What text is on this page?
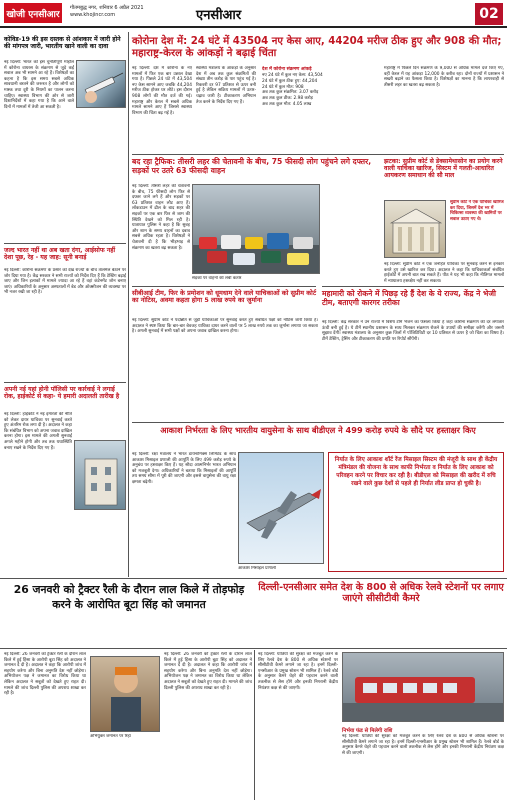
खोजी एनसीआर
गौतमबुद्ध नगर, शनिवार 6 अप्रैल 2021
www.khojincr.com	एनसीआर	02
कोविड-19 की इस दस्तक से आंशकार में जारी होने की मांगपत्र जारी, भारतीय खाने वाली का दावा
नई दिल्ली: भारत को इस चुनौतीपूर्ण माहौल में कोरोना वायरस के संक्रमण से जुड़े कई सवाल अब भी सामने आ रहे हैं। विशेषज्ञों का कहना है कि इस समय सबसे अधिक सावधानी बरतने की जरूरत है और लोगों को मास्क तथा दूरी के नियमों का पालन करना चाहिए। स्वास्थ्य विभाग की ओर से जारी दिशानिर्देशों में कहा गया है कि आने वाले दिनों में मामलों में तेजी आ सकती है।
जल्द भारत नहीं था अब खता दंगा, आईसोफ नहीं देशा पूछ, रेह - यह जाह: सूनी बनाई
नई दिल्ली: कोरोना संक्रमण के प्रसार को देख राज्यों के बीच तालमेल बैठाने पर जोर दिया गया है। केंद्र सरकार ने सभी राज्यों को निर्देश दिए हैं कि टेस्टिंग बढ़ाई जाए और जिन इलाकों में मामले ज्यादा आ रहे हैं वहां कंटेनमेंट जोन बनाए जाएं। अधिकारियों के अनुसार अस्पतालों में बेड और ऑक्सीजन की व्यवस्था पर भी नजर रखी जा रही है।
अपनी नई यहां होनी पॉलिसी पर कार्रवाई ने लगाई रोक, हाईकोर्ट से कहा- ये हमारी अदालती तारीख है
नई दिल्ली: हाईकोर्ट ने नई इमारतों की नीति को लेकर दायर याचिका पर सुनवाई करते हुए अंतरिम रोक लगा दी है। अदालत ने कहा कि संबंधित विभाग को अपना जवाब दाखिल करना होगा। इस मामले की अगली सुनवाई अगले महीने होगी और तब तक यथास्थिति बनाए रखने के निर्देश दिए गए हैं।
कोरोना देश में: 24 घंटे में 43504 नए केस आए, 44204 मरीज ठीक हुए और 908 की मौत; महाराष्ट्र-केरल के आंकड़ों ने बढ़ाई चिंता
नई दिल्ली: देश में कोरोना के नए मामलों में फिर एक बार उछाल देखा गया है। पिछले 24 घंटे में 43,504 नए केस सामने आए जबकि 44,204 मरीज ठीक होकर घर लौटे। इस दौरान 908 लोगों की मौत दर्ज की गई। महाराष्ट्र और केरल में सबसे अधिक मामले सामने आए हैं जिससे स्वास्थ्य विभाग की चिंता बढ़ गई है।
स्वास्थ्य मंत्रालय के आंकड़ों के अनुसार देश में अब तक कुल संक्रमितों की संख्या तीन करोड़ के पार पहुंच गई है। रिकवरी दर 97 प्रतिशत से ऊपर बनी हुई है लेकिन सक्रिय मामलों में उतार-चढ़ाव जारी है। टीकाकरण अभियान तेज करने के निर्देश दिए गए हैं।
देश में कोरोना संक्रमण आंकड़े
नए 24 घंटे में कुल नए केस: 43,504
24 घंटे में कुल ठीक हुए: 44,204
24 घंटे में कुल मौत: 908
अब तक कुल संक्रमित: 3.07 करोड़
अब तक कुल ठीक: 2.98 करोड़
अब तक कुल मौत: 4.05 लाख
महाराष्ट्र में पिछले दिन संक्रमण के 9,000 से अधिक मामले दर्ज किए गए, वहीं केरल में यह आंकड़ा 12,000 के करीब रहा। दोनों राज्यों में प्रशासन ने सख्ती बढ़ाने का फैसला किया है। विशेषज्ञों का मानना है कि लापरवाही से तीसरी लहर का खतरा बढ़ सकता है।
बद रहा ट्रैफिक: तीसरी लहर की चेतावनी के बीच, 75 फीसदी लोग पहुंचने लगे दफ्तर, सड़कों पर उतरे 63 फीसदी वाहन
नई दिल्ली: तीसरी लहर की चेतावनी के बीच, 75 फीसदी लोग फिर से दफ्तर जाने लगे हैं और सड़कों पर 63 प्रतिशत वाहन लौट आए हैं। लॉकडाउन में ढील के बाद शहर की सड़कों पर एक बार फिर से जाम की स्थिति देखने को मिल रही है। यातायात पुलिस ने कहा है कि सुबह और शाम के समय वाहनों का दबाव सबसे अधिक रहता है। विशेषज्ञों ने चेतावनी दी है कि भीड़भाड़ से संक्रमण का खतरा बढ़ सकता है।
सड़कों पर वाहनों की लंबी कतार
झटका: सुप्रीम कोर्ट से डेक्सामेथासोन का प्रयोग करने वाली याचिका खारिज, सिस्टम में गलती-आधारित आयकरण समाधान की सौ माल
सुप्रीम कोर्ट ने एक याचिका खारिज कर दिया, जिसमें देश भर में चिकित्सा व्यवस्था की खामियों पर सवाल उठाए गए थे।
नई दिल्ली: सुप्रीम कोर्ट ने एक जनहित याचिका पर सुनवाई करने से इनकार करते हुए उसे खारिज कर दिया। अदालत ने कहा कि याचिकाकर्ता संबंधित हाईकोर्ट में अपनी बात रख सकते हैं। पीठ ने यह भी कहा कि नीतिगत मामलों में न्यायालय हस्तक्षेप नहीं कर सकता।
सीबीआई टीम, फिर के प्रमोशन को धूमधाम देने वाले याचिकाओं को सुप्रीम कोर्ट का नोटिस, अवमा कहता होगा 5 लाख रुपये का जुर्माना
नई दिल्ली: सुप्रीम कोर्ट ने पदोन्नति से जुड़ी याचिकाओं पर सुनवाई करते हुए संबंधित पक्षों को नोटिस जारी किया है। अदालत ने स्पष्ट किया कि बार-बार बेवजह याचिका दायर करने वालों पर 5 लाख रुपये तक का जुर्माना लगाया जा सकता है। अगली सुनवाई में सभी पक्षों को अपना जवाब दाखिल करना होगा।
महामारी को रोकने में पिछड़ रहे हैं देश के ये राज्य, केंद्र ने भेजी टीम, बताएगी कारगर तरीका
नई दिल्ली: केंद्र सरकार ने उन राज्यों में विशेष टीमें भेजने का फैसला किया है जहां कोरोना संक्रमण की दर लगातार ऊंची बनी हुई है। ये टीमें स्थानीय प्रशासन के साथ मिलकर संक्रमण रोकने के उपायों की समीक्षा करेंगी और जरूरी सुझाव देंगी। स्वास्थ्य मंत्रालय के अनुसार कुछ जिलों में पॉजिटिविटी दर 10 प्रतिशत से ऊपर है जो चिंता का विषय है। टीमें टेस्टिंग, ट्रेसिंग और टीकाकरण की प्रगति पर रिपोर्ट सौंपेंगी।
आकाश निर्भरता के लिए भारतीय वायुसेना के साथ बीडीएल ने 499 करोड़ रुपये के सौदे पर हस्ताक्षर किए
नई दिल्ली: रक्षा मंत्रालय ने भारत डायनामिक्स लिमिटेड के साथ आकाश मिसाइल प्रणाली की आपूर्ति के लिए 499 करोड़ रुपये के अनुबंध पर हस्ताक्षर किए हैं। यह सौदा आत्मनिर्भर भारत अभियान को मजबूती देगा। अधिकारियों ने बताया कि मिसाइलों की आपूर्ति तय समय सीमा में पूरी की जाएगी और इससे वायुसेना की वायु रक्षा क्षमता बढ़ेगी।
आकाश मिसाइल प्रणाली
निर्यात के लिए आकाश शॉर्ट रेंज मिसाइल सिस्टम की मंजूरी के साथ ही केंद्रीय मंत्रिमंडल की योजना के साथ काफी निर्भरता व निर्यात के लिए आकाश को परिवहन करने पर विचार कर रही है। बीडीएल को मिसाइल की खरीद में रुचि रखने वाले कुछ देशों से पहले ही निर्यात लीड प्राप्त हो चुकी है।
26 जनवरी को ट्रैक्टर रैली के दौरान लाल किले में तोड़फोड़ करने के आरोपित बूटा सिंह को जमानत
नई दिल्ली: 26 जनवरी को ट्रैक्टर रैली के दौरान लाल किले में हुई हिंसा के आरोपी बूटा सिंह को अदालत ने जमानत दे दी है। अदालत ने कहा कि आरोपी जांच में सहयोग करेगा और बिना अनुमति देश नहीं छोड़ेगा। अभियोजन पक्ष ने जमानत का विरोध किया था लेकिन अदालत ने सबूतों को देखते हुए राहत दी। मामले की जांच दिल्ली पुलिस की अपराध शाखा कर रही है।
अभियुक्त जमानत पर रिहा
नई दिल्ली: 26 जनवरी को ट्रैक्टर रैली के दौरान लाल किले में हुई हिंसा के आरोपी बूटा सिंह को अदालत ने जमानत दे दी है। अदालत ने कहा कि आरोपी जांच में सहयोग करेगा और बिना अनुमति देश नहीं छोड़ेगा। अभियोजन पक्ष ने जमानत का विरोध किया था लेकिन अदालत ने सबूतों को देखते हुए राहत दी। मामले की जांच दिल्ली पुलिस की अपराध शाखा कर रही है।
दिल्ली-एनसीआर समेत देश के 800 से अधिक रेलवे स्टेशनों पर लगाए जाएंगे सीसीटीवी कैमरे
नई दिल्ली: यात्रियों की सुरक्षा को मजबूत करने के लिए रेलवे देश के 800 से अधिक स्टेशनों पर सीसीटीवी कैमरे लगाने जा रहा है। इनमें दिल्ली-एनसीआर के प्रमुख स्टेशन भी शामिल हैं। रेलवे बोर्ड के अनुसार कैमरे चेहरे की पहचान करने वाली तकनीक से लैस होंगे और इनकी निगरानी केंद्रीय नियंत्रण कक्ष से की जाएगी।
निर्भया फंड से मिलेगी राशि
नई दिल्ली: यात्रियों की सुरक्षा को मजबूत करने के लिए रेलवे देश के 800 से अधिक स्टेशनों पर सीसीटीवी कैमरे लगाने जा रहा है। इनमें दिल्ली-एनसीआर के प्रमुख स्टेशन भी शामिल हैं। रेलवे बोर्ड के अनुसार कैमरे चेहरे की पहचान करने वाली तकनीक से लैस होंगे और इनकी निगरानी केंद्रीय नियंत्रण कक्ष से की जाएगी।
